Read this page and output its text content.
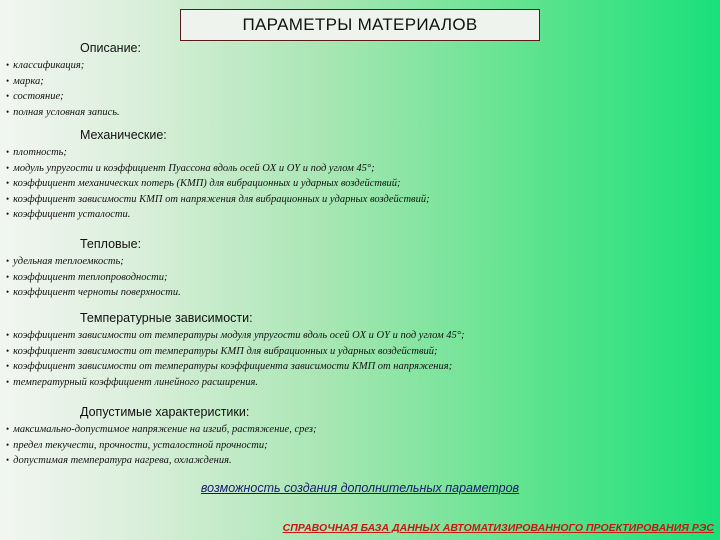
ПАРАМЕТРЫ МАТЕРИАЛОВ
Описание:
• классификация;
• марка;
• состояние;
• полная условная запись.
Механические:
• плотность;
• модуль упругости и коэффициент Пуассона вдоль осей OX и OY и под углом 45°;
• коэффициент механических потерь (КМП) для вибрационных и ударных воздействий;
• коэффициент зависимости КМП от напряжения для вибрационных и ударных воздействий;
• коэффициент усталости.
Тепловые:
• удельная теплоемкость;
• коэффициент теплопроводности;
• коэффициент черноты поверхности.
Температурные зависимости:
• коэффициент зависимости от температуры модуля упругости вдоль осей OX и OY и под углом 45°;
• коэффициент зависимости от температуры КМП для вибрационных и ударных воздействий;
• коэффициент зависимости от температуры коэффициента зависимости КМП от напряжения;
• температурный коэффициент линейного расширения.
Допустимые характеристики:
• максимально-допустимое напряжение на изгиб, растяжение, срез;
• предел текучести, прочности, усталостной прочности;
• допустимая температура нагрева, охлаждения.
возможность создания дополнительных параметров
СПРАВОЧНАЯ БАЗА ДАННЫХ АВТОМАТИЗИРОВАННОГО ПРОЕКТИРОВАНИЯ РЭС
